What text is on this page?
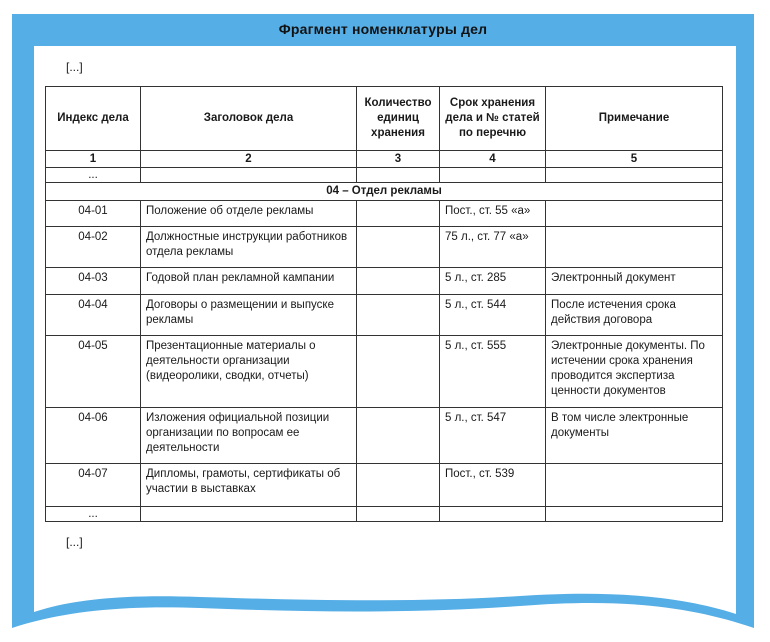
Фрагмент номенклатуры дел
[...]
Индекс дела	Заголовок дела	Количество единиц хранения	Срок хранения дела и № статей по перечню	Примечание
1	2	3	4	5
...				
04 – Отдел рекламы				
04-01	Положение об отделе рекламы		Пост., ст. 55 «а»	
04-02	Должностные инструкции работников отдела рекламы		75 л., ст. 77 «а»	
04-03	Годовой план рекламной кампании		5 л., ст. 285	Электронный документ
04-04	Договоры о размещении и выпуске рекламы		5 л., ст. 544	После истечения срока действия договора
04-05	Презентационные материалы о деятельности организации (видеоролики, сводки, отчеты)		5 л., ст. 555	Электронные документы. По истечении срока хранения проводится экспертиза ценности документов
04-06	Изложения официальной позиции организации по вопросам ее деятельности		5 л., ст. 547	В том числе электронные документы
04-07	Дипломы, грамоты, сертификаты об участии в выставках		Пост., ст. 539	
...				
[...]
